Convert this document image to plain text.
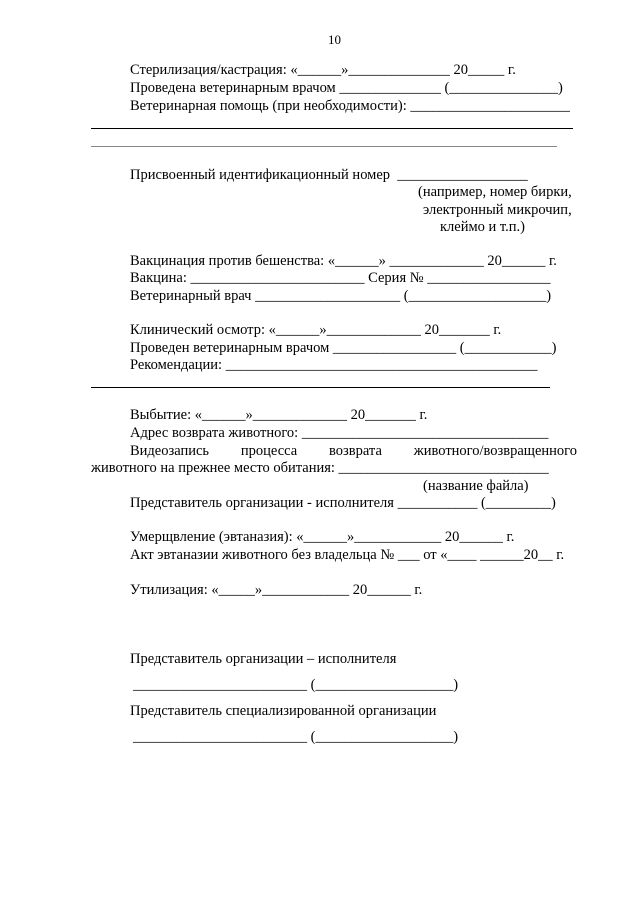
10
Стерилизация/кастрация: «______»______________ 20_____ г.
Проведена ветеринарным врачом ______________ (_______________)
Ветеринарная помощь (при необходимости): ______________________
Присвоенный идентификационный номер  __________________
(например, номер бирки,
электронный микрочип,
клеймо и т.п.)
Вакцинация против бешенства: «______» _____________ 20______ г.
Вакцина: ________________________ Серия № _________________
Ветеринарный врач ____________________ (___________________)
Клинический осмотр: «______»_____________ 20_______ г.
Проведен ветеринарным врачом _________________ (____________)
Рекомендации: ___________________________________________
Выбытие: «______»_____________ 20_______ г.
Адрес возврата животного: __________________________________
Видеозапись процесса возврата животного/возвращенного
животного на прежнее место обитания: _____________________________
(название файла)
Представитель организации - исполнителя ___________ (_________)
Умерщвление (эвтаназия): «______»____________ 20______ г.
Акт эвтаназии животного без владельца № ___ от «____ ______20__ г.
Утилизация: «_____»____________ 20______ г.
Представитель организации – исполнителя
________________________ (___________________)
Представитель специализированной организации
________________________ (___________________)
